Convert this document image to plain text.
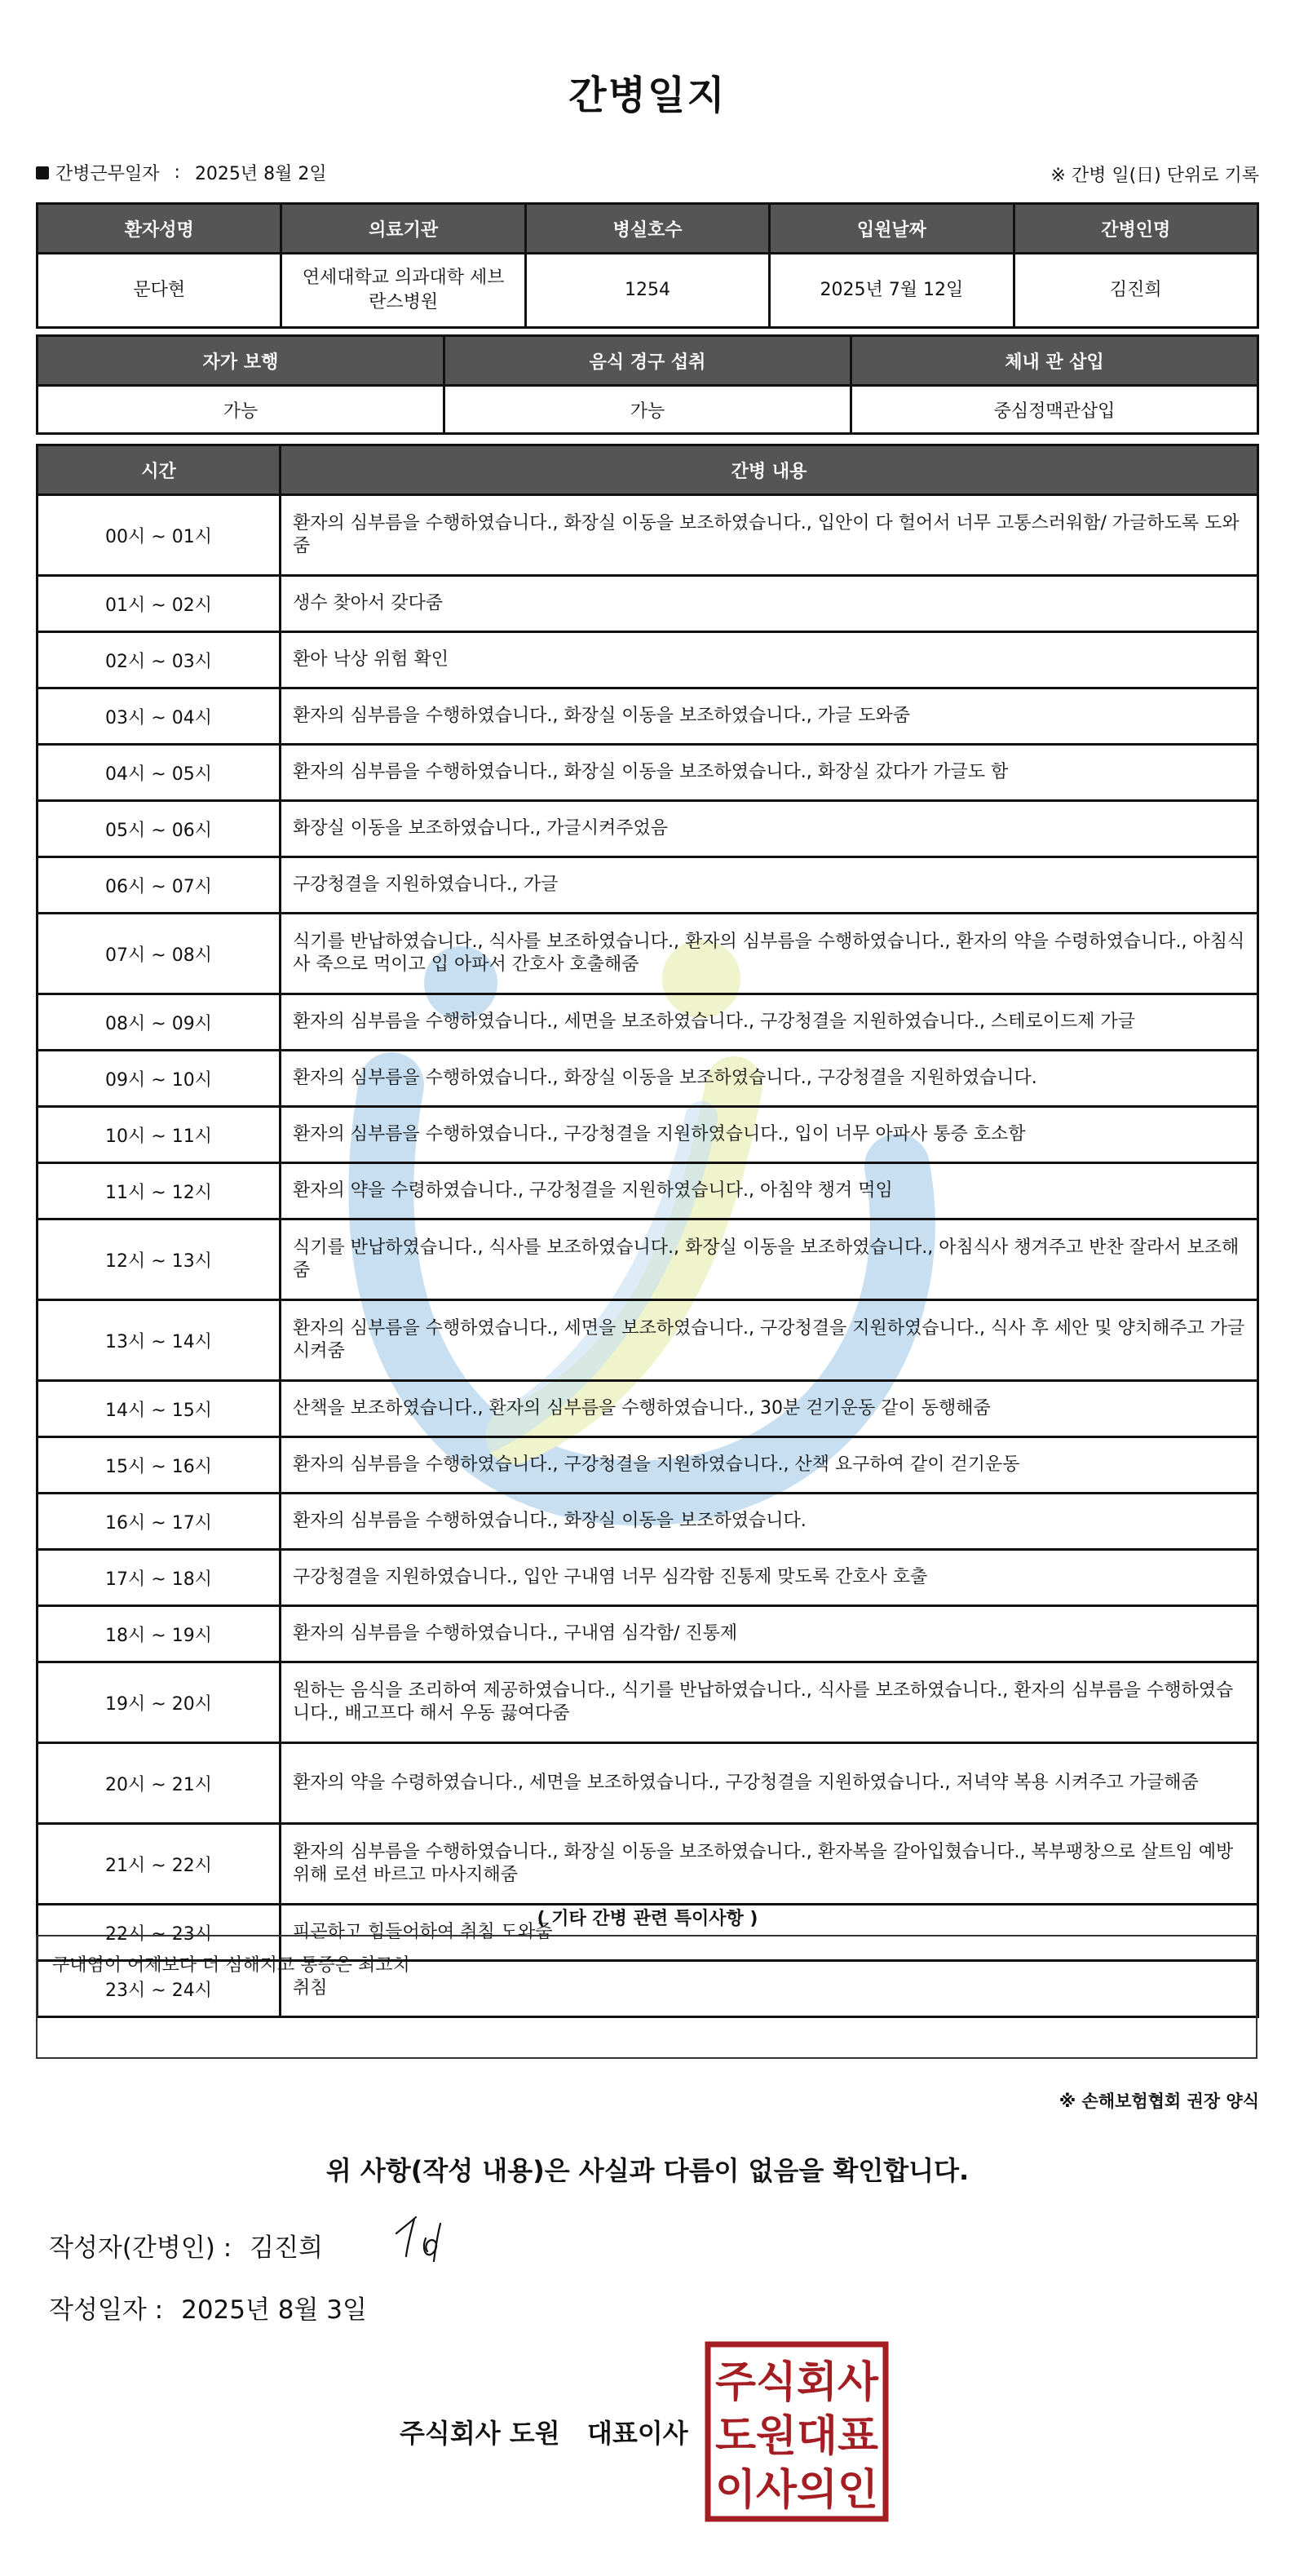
간병일지
간병근무일자 : 2025년 8월 2일	※ 간병 일(日) 단위로 기록
환자성명	의료기관	병실호수	입원날짜	간병인명
문다현	연세대학교 의과대학 세브란스병원	1254	2025년 7월 12일	김진희
자가 보행	음식 경구 섭취	체내 관 삽입
가능	가능	중심정맥관삽입
시간	간병 내용
00시 ~ 01시	환자의 심부름을 수행하였습니다., 화장실 이동을 보조하였습니다., 입안이 다 헐어서 너무 고통스러워함/ 가글하도록 도와줌
01시 ~ 02시	생수 찾아서 갖다줌
02시 ~ 03시	환아 낙상 위험 확인
03시 ~ 04시	환자의 심부름을 수행하였습니다., 화장실 이동을 보조하였습니다., 가글 도와줌
04시 ~ 05시	환자의 심부름을 수행하였습니다., 화장실 이동을 보조하였습니다., 화장실 갔다가 가글도 함
05시 ~ 06시	화장실 이동을 보조하였습니다., 가글시켜주었음
06시 ~ 07시	구강청결을 지원하였습니다., 가글
07시 ~ 08시	식기를 반납하였습니다., 식사를 보조하였습니다., 환자의 심부름을 수행하였습니다., 환자의 약을 수령하였습니다., 아침식사 죽으로 먹이고 입 아파서 간호사 호출해줌
08시 ~ 09시	환자의 심부름을 수행하였습니다., 세면을 보조하였습니다., 구강청결을 지원하였습니다., 스테로이드제 가글
09시 ~ 10시	환자의 심부름을 수행하였습니다., 화장실 이동을 보조하였습니다., 구강청결을 지원하였습니다.
10시 ~ 11시	환자의 심부름을 수행하였습니다., 구강청결을 지원하였습니다., 입이 너무 아파사 통증 호소함
11시 ~ 12시	환자의 약을 수령하였습니다., 구강청결을 지원하였습니다., 아침약 챙겨 먹임
12시 ~ 13시	식기를 반납하였습니다., 식사를 보조하였습니다., 화장실 이동을 보조하였습니다., 아침식사 챙겨주고 반찬 잘라서 보조해줌
13시 ~ 14시	환자의 심부름을 수행하였습니다., 세면을 보조하였습니다., 구강청결을 지원하였습니다., 식사 후 세안 및 양치해주고 가글시켜줌
14시 ~ 15시	산책을 보조하였습니다., 환자의 심부름을 수행하였습니다., 30분 걷기운동 같이 동행해줌
15시 ~ 16시	환자의 심부름을 수행하였습니다., 구강청결을 지원하였습니다., 산책 요구하여 같이 걷기운동
16시 ~ 17시	환자의 심부름을 수행하였습니다., 화장실 이동을 보조하였습니다.
17시 ~ 18시	구강청결을 지원하였습니다., 입안 구내염 너무 심각함 진통제 맞도록 간호사 호출
18시 ~ 19시	환자의 심부름을 수행하였습니다., 구내염 심각함/ 진통제
19시 ~ 20시	원하는 음식을 조리하여 제공하였습니다., 식기를 반납하였습니다., 식사를 보조하였습니다., 환자의 심부름을 수행하였습니다., 배고프다 해서 우동 끓여다줌
20시 ~ 21시	환자의 약을 수령하였습니다., 세면을 보조하였습니다., 구강청결을 지원하였습니다., 저녁약 복용 시켜주고 가글해줌
21시 ~ 22시	환자의 심부름을 수행하였습니다., 화장실 이동을 보조하였습니다., 환자복을 갈아입혔습니다., 복부팽창으로 살트임 예방 위해 로션 바르고 마사지해줌
22시 ~ 23시	피곤하고 힘들어하여 취침 도와줌
23시 ~ 24시	취침
( 기타 간병 관련 특이사항 )
구내염이 어제보다 더 심해지고 통증은 최고치
※ 손해보험협회 권장 양식
위 사항(작성 내용)은 사실과 다름이 없음을 확인합니다.
작성자(간병인) : 김진희
작성일자 : 2025년 8월 3일
주식회사 도원   대표이사
주식회사
도원대표
이사의인
